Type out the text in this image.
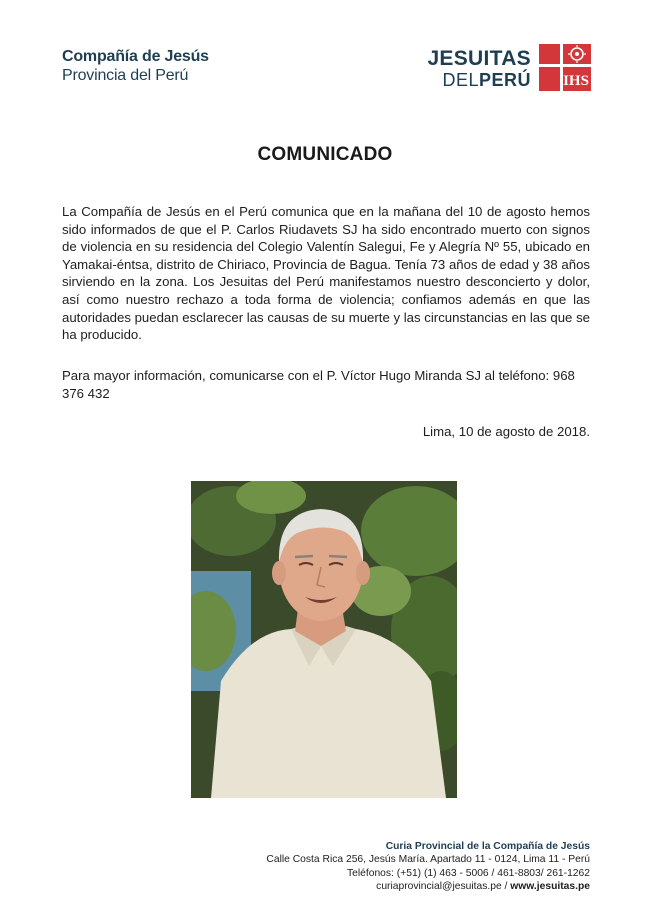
Compañía de Jesús
Provincia del Perú
JESUITAS
DELPERÚ IHS
COMUNICADO

La Compañía de Jesús en el Perú comunica que en la mañana del 10 de agosto hemos sido informados de que el P. Carlos Riudavets SJ ha sido encontrado muerto con signos de violencia en su residencia del Colegio Valentín Salegui, Fe y Alegría Nº 55, ubicado en Yamakai-éntsa, distrito de Chiriaco, Provincia de Bagua. Tenía 73 años de edad y 38 años sirviendo en la zona. Los Jesuitas del Perú manifestamos nuestro desconcierto y dolor, así como nuestro rechazo a toda forma de violencia; confiamos además en que las autoridades puedan esclarecer las causas de su muerte y las circunstancias en las que se ha producido.

Para mayor información, comunicarse con el P. Víctor Hugo Miranda SJ al teléfono: 968 376 432
Lima, 10 de agosto de 2018.
Curia Provincial de la Compañía de Jesús
Calle Costa Rica 256, Jesús María. Apartado 11 - 0124, Lima 11 - Perú
Teléfonos: (+51) (1) 463 - 5006 / 461-8803/ 261-1262
curiaprovincial@jesuitas.pe / www.jesuitas.pe
